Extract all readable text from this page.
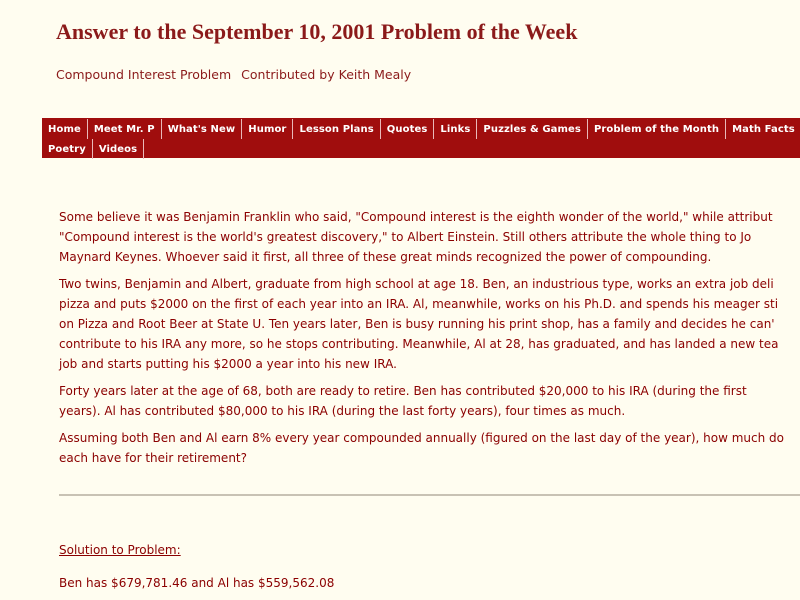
Answer to the September 10, 2001 Problem of the Week
Compound Interest Problem Contributed by Keith Mealy
Home	Meet Mr. P	What's New	Humor	Lesson Plans	Quotes	Links	Puzzles & Games	Problem of the Month	Math Facts
Poetry	Videos

Some believe it was Benjamin Franklin who said, "Compound interest is the eighth wonder of the world," while attribut
"Compound interest is the world's greatest discovery," to Albert Einstein. Still others attribute the whole thing to Jo
Maynard Keynes. Whoever said it first, all three of these great minds recognized the power of compounding.

Two twins, Benjamin and Albert, graduate from high school at age 18. Ben, an industrious type, works an extra job deli
pizza and puts $2000 on the first of each year into an IRA. Al, meanwhile, works on his Ph.D. and spends his meager sti
on Pizza and Root Beer at State U. Ten years later, Ben is busy running his print shop, has a family and decides he can'
contribute to his IRA any more, so he stops contributing. Meanwhile, Al at 28, has graduated, and has landed a new tea
job and starts putting his $2000 a year into his new IRA.

Forty years later at the age of 68, both are ready to retire. Ben has contributed $20,000 to his IRA (during the first
years). Al has contributed $80,000 to his IRA (during the last forty years), four times as much.

Assuming both Ben and Al earn 8% every year compounded annually (figured on the last day of the year), how much do
each have for their retirement?

Solution to Problem:
Ben has $679,781.46 and Al has $559,562.08
